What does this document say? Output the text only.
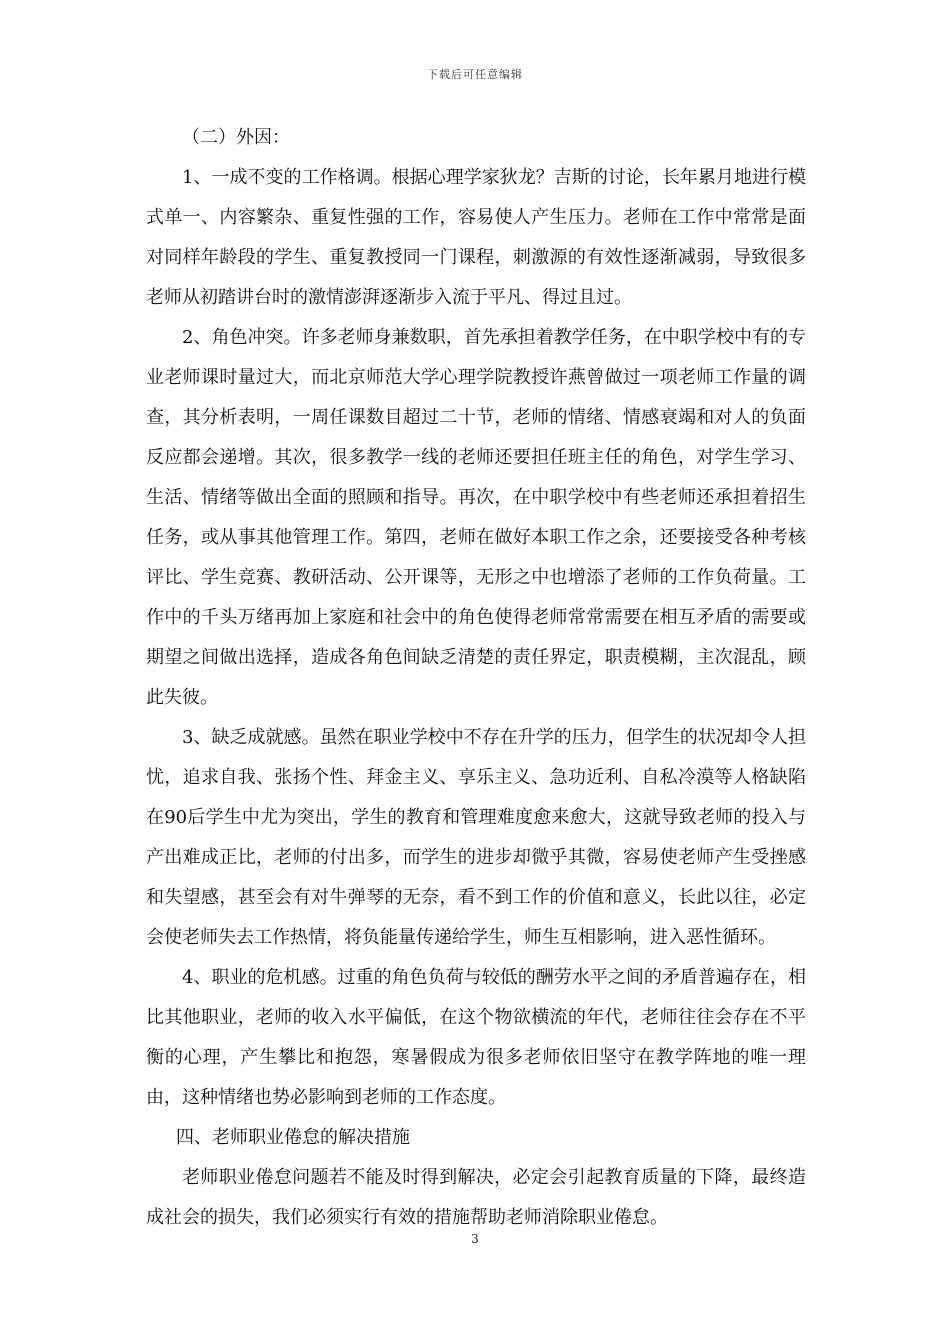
下载后可任意编辑

（二）外因：

1、一成不变的工作格调。根据心理学家狄龙？吉斯的讨论，长年累月地进行模式单一、内容繁杂、重复性强的工作，容易使人产生压力。老师在工作中常常是面对同样年龄段的学生、重复教授同一门课程，刺激源的有效性逐渐减弱，导致很多老师从初踏讲台时的激情澎湃逐渐步入流于平凡、得过且过。

2、角色冲突。许多老师身兼数职，首先承担着教学任务，在中职学校中有的专业老师课时量过大，而北京师范大学心理学院教授许燕曾做过一项老师工作量的调查，其分析表明，一周任课数目超过二十节，老师的情绪、情感衰竭和对人的负面反应都会递增。其次，很多教学一线的老师还要担任班主任的角色，对学生学习、生活、情绪等做出全面的照顾和指导。再次，在中职学校中有些老师还承担着招生任务，或从事其他管理工作。第四，老师在做好本职工作之余，还要接受各种考核评比、学生竞赛、教研活动、公开课等，无形之中也增添了老师的工作负荷量。工作中的千头万绪再加上家庭和社会中的角色使得老师常常需要在相互矛盾的需要或期望之间做出选择，造成各角色间缺乏清楚的责任界定，职责模糊，主次混乱，顾此失彼。

3、缺乏成就感。虽然在职业学校中不存在升学的压力，但学生的状况却令人担忧，追求自我、张扬个性、拜金主义、享乐主义、急功近利、自私冷漠等人格缺陷在90后学生中尤为突出，学生的教育和管理难度愈来愈大，这就导致老师的投入与产出难成正比，老师的付出多，而学生的进步却微乎其微，容易使老师产生受挫感和失望感，甚至会有对牛弹琴的无奈，看不到工作的价值和意义，长此以往，必定会使老师失去工作热情，将负能量传递给学生，师生互相影响，进入恶性循环。

4、职业的危机感。过重的角色负荷与较低的酬劳水平之间的矛盾普遍存在，相比其他职业，老师的收入水平偏低，在这个物欲横流的年代，老师往往会存在不平衡的心理，产生攀比和抱怨，寒暑假成为很多老师依旧坚守在教学阵地的唯一理由，这种情绪也势必影响到老师的工作态度。

四、老师职业倦怠的解决措施

老师职业倦怠问题若不能及时得到解决，必定会引起教育质量的下降，最终造成社会的损失，我们必须实行有效的措施帮助老师消除职业倦怠。

3
